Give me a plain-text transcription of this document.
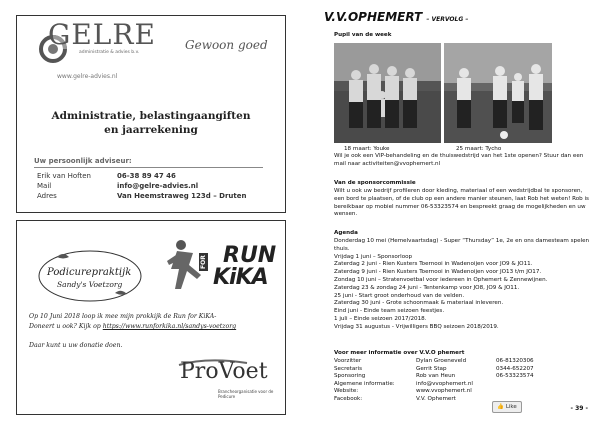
GELRE
administratie & advies b.v.
Gewoon goed
www.gelre-advies.nl
Administratie, belastingaangiften
en jaarrekening
Uw persoonlijk adviseur:
Erik van Hoften	06-38 89 47 46
Mail	info@gelre-advies.nl
Adres	Van Heemstraweg 123d – Druten
Podicurepraktijk
Sandy's Voetzorg
RUN
FOR
KiKA
Op 10 Juni 2018 loop ik mee mijn prokkijk de Run for KiKA-
Doneert u ook? Kijk op https://www.runforkika.nl/sandys-voetzorg
Daar kunt u uw donatie doen.
ProVoet
Brancheorganisatie voor de Pedicure
V.V.OPHEMERT – VERVOLG –
Pupil van de week
18 maart: Youke	25 maart: Tycho
Wil je ook een VIP-behandeling en de thuiswedstrijd van het 1ste openen? Stuur dan een mail naar activiteiten@vvophemert.nl
Van de sponsorcommissie
Wilt u ook uw bedrijf profileren door kleding, materiaal of een wedstrijdbal te sponsoren, een bord te plaatsen, of de club op een andere manier steunen, laat Rob het weten! Rob is bereikbaar op mobiel nummer 06-53323574 en bespreekt graag de mogelijkheden en uw wensen.
Agenda
Donderdag 10 mei (Hemelvaartsdag) - Super “Thursday” 1e, 2e en ons damesteam spelen thuis.
Vrijdag 1 juni – Sponsorloop
Zaterdag 2 juni - Rien Kusters Toernooi in Wadenoijen voor JO9 & JO11.
Zaterdag 9 juni - Rien Kusters Toernooi in Wadenoijen voor JO13 t/m JO17.
Zondag 10 juni – Stratenvoetbal voor iedereen in Ophemert & Zennewijnen.
Zaterdag 23 & zondag 24 juni - Tentenkamp voor JO8, JO9 & JO11.
25 juni - Start groot onderhoud van de velden.
Zaterdag 30 juni - Grote schoonmaak & materiaal inleveren.
Eind juni - Einde team seizoen feestjes.
1 juli – Einde seizoen 2017/2018.
Vrijdag 31 augustus - Vrijwilligers BBQ seizoen 2018/2019.
Voor meer informatie over V.V.O phemert
Voorzitter	Dylan Groeneveld	06-81320306
Secretaris	Gerrit Stap	0344-652207
Sponsoring	Rob van Heun	06-53323574
Algemene informatie:	info@vvophemert.nl
Website:	www.vvophemert.nl
Facebook:	V.V. Ophemert
👍 Like	- 39 -
